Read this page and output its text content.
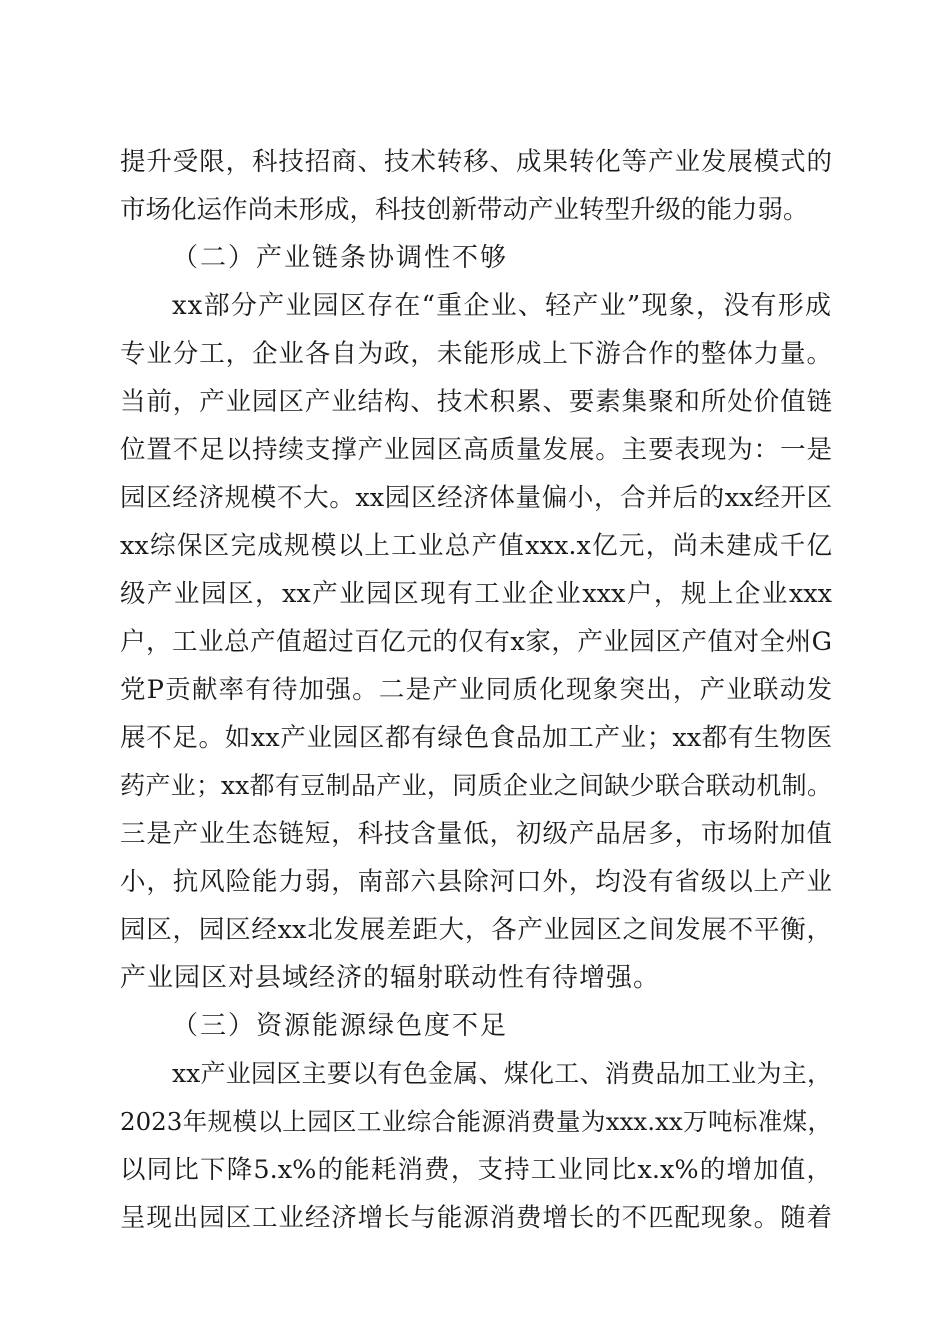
提升受限，科技招商、技术转移、成果转化等产业发展模式的
市场化运作尚未形成，科技创新带动产业转型升级的能力弱。
（二）产业链条协调性不够
xx部分产业园区存在“重企业、轻产业”现象，没有形成
专业分工，企业各自为政，未能形成上下游合作的整体力量。
当前，产业园区产业结构、技术积累、要素集聚和所处价值链
位置不足以持续支撑产业园区高质量发展。主要表现为：一是
园区经济规模不大。xx园区经济体量偏小，合并后的xx经开区
xx综保区完成规模以上工业总产值xxx.x亿元，尚未建成千亿
级产业园区，xx产业园区现有工业企业xxx户，规上企业xxx
户，工业总产值超过百亿元的仅有x家，产业园区产值对全州G
党P贡献率有待加强。二是产业同质化现象突出，产业联动发
展不足。如xx产业园区都有绿色食品加工产业；xx都有生物医
药产业；xx都有豆制品产业，同质企业之间缺少联合联动机制。
三是产业生态链短，科技含量低，初级产品居多，市场附加值
小，抗风险能力弱，南部六县除河口外，均没有省级以上产业
园区，园区经xx北发展差距大，各产业园区之间发展不平衡，
产业园区对县域经济的辐射联动性有待增强。
（三）资源能源绿色度不足
xx产业园区主要以有色金属、煤化工、消费品加工业为主，
2023年规模以上园区工业综合能源消费量为xxx.xx万吨标准煤，
以同比下降5.x%的能耗消费，支持工业同比x.x%的增加值，
呈现出园区工业经济增长与能源消费增长的不匹配现象。随着
